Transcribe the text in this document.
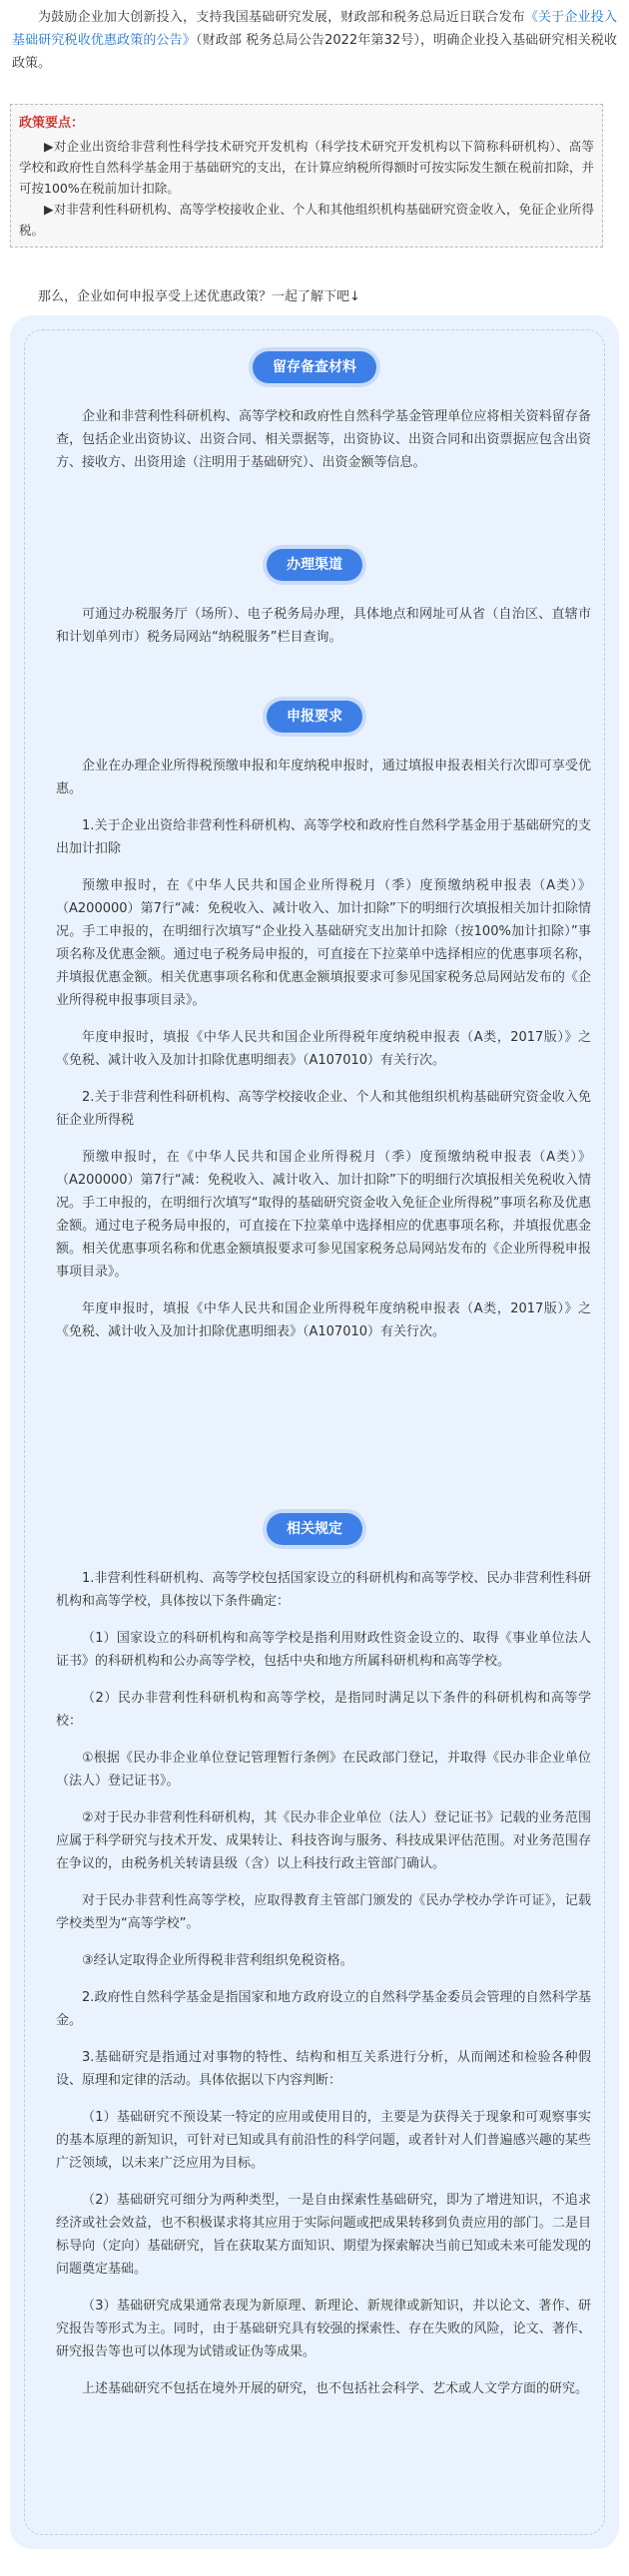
为鼓励企业加大创新投入，支持我国基础研究发展，财政部和税务总局近日联合发布《关于企业投入基础研究税收优惠政策的公告》（财政部 税务总局公告2022年第32号），明确企业投入基础研究相关税收政策。
政策要点：

▶对企业出资给非营利性科学技术研究开发机构（科学技术研究开发机构以下简称科研机构）、高等学校和政府性自然科学基金用于基础研究的支出，在计算应纳税所得额时可按实际发生额在税前扣除，并可按100%在税前加计扣除。

▶对非营利性科研机构、高等学校接收企业、个人和其他组织机构基础研究资金收入，免征企业所得税。

那么，企业如何申报享受上述优惠政策？一起了解下吧↓
留存备查材料

企业和非营利性科研机构、高等学校和政府性自然科学基金管理单位应将相关资料留存备查，包括企业出资协议、出资合同、相关票据等，出资协议、出资合同和出资票据应包含出资方、接收方、出资用途（注明用于基础研究）、出资金额等信息。

办理渠道

可通过办税服务厅（场所）、电子税务局办理，具体地点和网址可从省（自治区、直辖市和计划单列市）税务局网站“纳税服务”栏目查询。

申报要求

企业在办理企业所得税预缴申报和年度纳税申报时，通过填报申报表相关行次即可享受优惠。

1.关于企业出资给非营利性科研机构、高等学校和政府性自然科学基金用于基础研究的支出加计扣除

预缴申报时，在《中华人民共和国企业所得税月（季）度预缴纳税申报表（A类）》（A200000）第7行“减：免税收入、减计收入、加计扣除”下的明细行次填报相关加计扣除情况。手工申报的，在明细行次填写“企业投入基础研究支出加计扣除（按100%加计扣除）”事项名称及优惠金额。通过电子税务局申报的，可直接在下拉菜单中选择相应的优惠事项名称，并填报优惠金额。相关优惠事项名称和优惠金额填报要求可参见国家税务总局网站发布的《企业所得税申报事项目录》。

年度申报时，填报《中华人民共和国企业所得税年度纳税申报表（A类，2017版）》之《免税、减计收入及加计扣除优惠明细表》（A107010）有关行次。

2.关于非营利性科研机构、高等学校接收企业、个人和其他组织机构基础研究资金收入免征企业所得税

预缴申报时，在《中华人民共和国企业所得税月（季）度预缴纳税申报表（A类）》（A200000）第7行“减：免税收入、减计收入、加计扣除”下的明细行次填报相关免税收入情况。手工申报的，在明细行次填写“取得的基础研究资金收入免征企业所得税”事项名称及优惠金额。通过电子税务局申报的，可直接在下拉菜单中选择相应的优惠事项名称，并填报优惠金额。相关优惠事项名称和优惠金额填报要求可参见国家税务总局网站发布的《企业所得税申报事项目录》。

年度申报时，填报《中华人民共和国企业所得税年度纳税申报表（A类，2017版）》之《免税、减计收入及加计扣除优惠明细表》（A107010）有关行次。

相关规定

1.非营利性科研机构、高等学校包括国家设立的科研机构和高等学校、民办非营利性科研机构和高等学校，具体按以下条件确定：

（1）国家设立的科研机构和高等学校是指利用财政性资金设立的、取得《事业单位法人证书》的科研机构和公办高等学校，包括中央和地方所属科研机构和高等学校。

（2）民办非营利性科研机构和高等学校，是指同时满足以下条件的科研机构和高等学校：

①根据《民办非企业单位登记管理暂行条例》在民政部门登记，并取得《民办非企业单位（法人）登记证书》。

②对于民办非营利性科研机构，其《民办非企业单位（法人）登记证书》记载的业务范围应属于科学研究与技术开发、成果转让、科技咨询与服务、科技成果评估范围。对业务范围存在争议的，由税务机关转请县级（含）以上科技行政主管部门确认。

对于民办非营利性高等学校，应取得教育主管部门颁发的《民办学校办学许可证》，记载学校类型为“高等学校”。

③经认定取得企业所得税非营利组织免税资格。

2.政府性自然科学基金是指国家和地方政府设立的自然科学基金委员会管理的自然科学基金。

3.基础研究是指通过对事物的特性、结构和相互关系进行分析，从而阐述和检验各种假设、原理和定律的活动。具体依据以下内容判断：

（1）基础研究不预设某一特定的应用或使用目的，主要是为获得关于现象和可观察事实的基本原理的新知识，可针对已知或具有前沿性的科学问题，或者针对人们普遍感兴趣的某些广泛领域，以未来广泛应用为目标。

（2）基础研究可细分为两种类型，一是自由探索性基础研究，即为了增进知识，不追求经济或社会效益，也不积极谋求将其应用于实际问题或把成果转移到负责应用的部门。二是目标导向（定向）基础研究，旨在获取某方面知识、期望为探索解决当前已知或未来可能发现的问题奠定基础。

（3）基础研究成果通常表现为新原理、新理论、新规律或新知识，并以论文、著作、研究报告等形式为主。同时，由于基础研究具有较强的探索性、存在失败的风险，论文、著作、研究报告等也可以体现为试错或证伪等成果。

上述基础研究不包括在境外开展的研究，也不包括社会科学、艺术或人文学方面的研究。
